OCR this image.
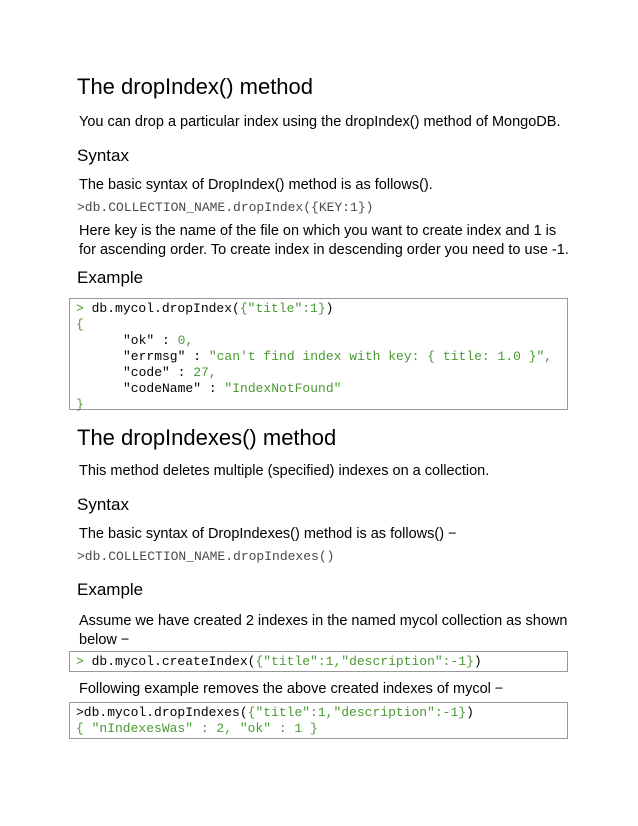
The dropIndex() method
You can drop a particular index using the dropIndex() method of MongoDB.
Syntax
The basic syntax of DropIndex() method is as follows().
>db.COLLECTION_NAME.dropIndex({KEY:1})
Here key is the name of the file on which you want to create index and 1 is for ascending order. To create index in descending order you need to use -1.
Example
> db.mycol.dropIndex({"title":1})
{
"ok" : 0,
"errmsg" : "can't find index with key: { title: 1.0 }",
"code" : 27,
"codeName" : "IndexNotFound"
}
The dropIndexes() method
This method deletes multiple (specified) indexes on a collection.
Syntax
The basic syntax of DropIndexes() method is as follows() −
>db.COLLECTION_NAME.dropIndexes()
Example
Assume we have created 2 indexes in the named mycol collection as shown below −
> db.mycol.createIndex({"title":1,"description":-1})
Following example removes the above created indexes of mycol −
>db.mycol.dropIndexes({"title":1,"description":-1})
{ "nIndexesWas" : 2, "ok" : 1 }
